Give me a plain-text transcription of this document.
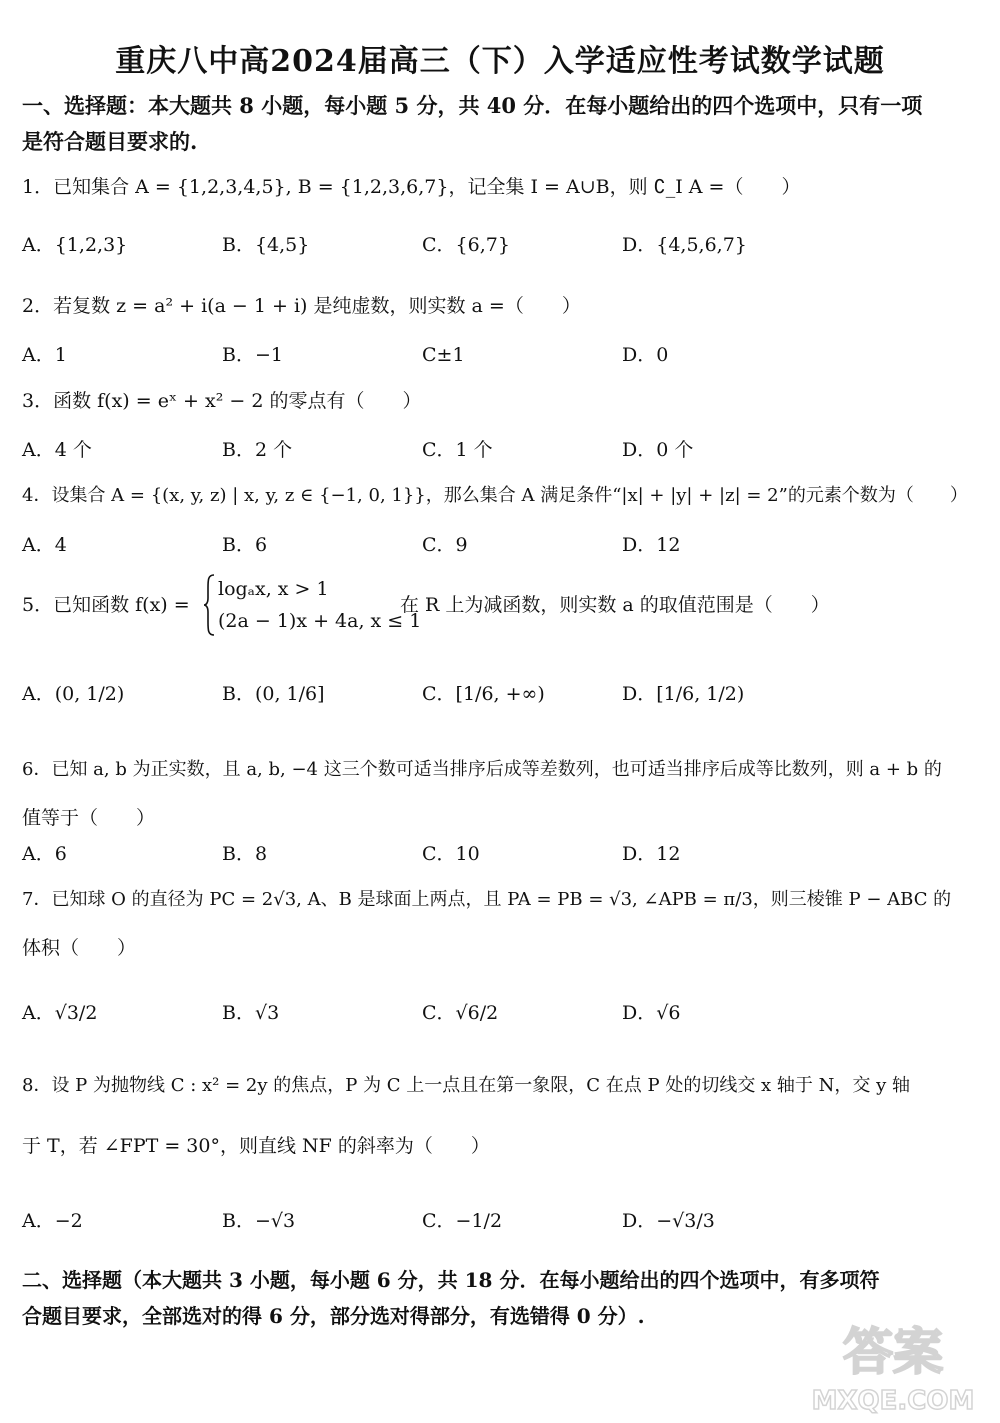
重庆八中高2024届高三（下）入学适应性考试数学试题
一、选择题：本大题共 8 小题，每小题 5 分，共 40 分．在每小题给出的四个选项中，只有一项
是符合题目要求的.
1．已知集合 A = {1,2,3,4,5}, B = {1,2,3,6,7}，记全集 I = A∪B，则 ∁_I A =（　　）
A．{1,2,3}	B．{4,5}	C．{6,7}	D．{4,5,6,7}
2．若复数 z = a² + i(a − 1 + i) 是纯虚数，则实数 a =（　　）
A．1	B．−1	C±1	D．0
3．函数 f(x) = eˣ + x² − 2 的零点有（　　）
A．4 个	B．2 个	C．1 个	D．0 个
4．设集合 A = {(x, y, z) | x, y, z ∈ {−1, 0, 1}}，那么集合 A 满足条件“|x| + |y| + |z| = 2”的元素个数为（　　）
A．4	B．6	C．9	D．12
5．已知函数 f(x) =
logₐx, x > 1
(2a − 1)x + 4a, x ≤ 1
在 R 上为减函数，则实数 a 的取值范围是（　　）
A．(0, 1/2)	B．(0, 1/6]	C．[1/6, +∞)	D．[1/6, 1/2)
6．已知 a, b 为正实数，且 a, b, −4 这三个数可适当排序后成等差数列，也可适当排序后成等比数列，则 a + b 的
值等于（　　）
A．6	B．8	C．10	D．12
7．已知球 O 的直径为 PC = 2√3, A、B 是球面上两点，且 PA = PB = √3, ∠APB = π/3，则三棱锥 P − ABC 的
体积（　　）
A．√3/2	B．√3	C．√6/2	D．√6
8．设 P 为抛物线 C : x² = 2y 的焦点，P 为 C 上一点且在第一象限，C 在点 P 处的切线交 x 轴于 N，交 y 轴
于 T，若 ∠FPT = 30°，则直线 NF 的斜率为（　　）
A．−2	B．−√3	C．−1/2	D．−√3/3
二、选择题（本大题共 3 小题，每小题 6 分，共 18 分．在每小题给出的四个选项中，有多项符
合题目要求，全部选对的得 6 分，部分选对得部分，有选错得 0 分）.
答案
MXQE.COM
